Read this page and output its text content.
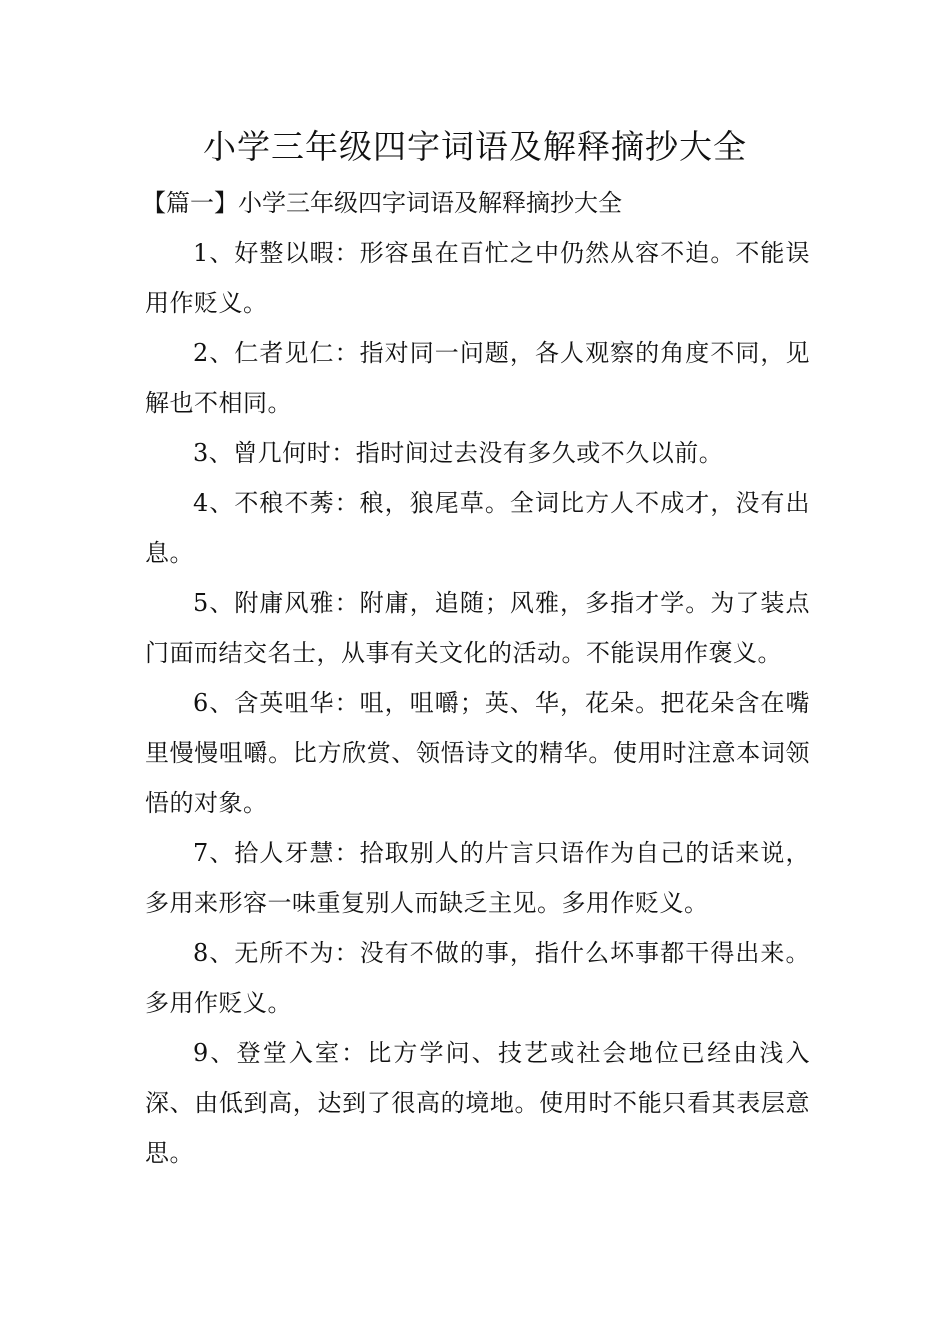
小学三年级四字词语及解释摘抄大全

【篇一】小学三年级四字词语及解释摘抄大全

1、好整以暇：形容虽在百忙之中仍然从容不迫。不能误用作贬义。

2、仁者见仁：指对同一问题，各人观察的角度不同，见解也不相同。

3、曾几何时：指时间过去没有多久或不久以前。

4、不稂不莠：稂，狼尾草。全词比方人不成才，没有出息。

5、附庸风雅：附庸，追随；风雅，多指才学。为了装点门面而结交名士，从事有关文化的活动。不能误用作褒义。

6、含英咀华：咀，咀嚼；英、华，花朵。把花朵含在嘴里慢慢咀嚼。比方欣赏、领悟诗文的精华。使用时注意本词领悟的对象。

7、拾人牙慧：拾取别人的片言只语作为自己的话来说，多用来形容一味重复别人而缺乏主见。多用作贬义。

8、无所不为：没有不做的事，指什么坏事都干得出来。多用作贬义。

9、登堂入室：比方学问、技艺或社会地位已经由浅入深、由低到高，达到了很高的境地。使用时不能只看其表层意思。
